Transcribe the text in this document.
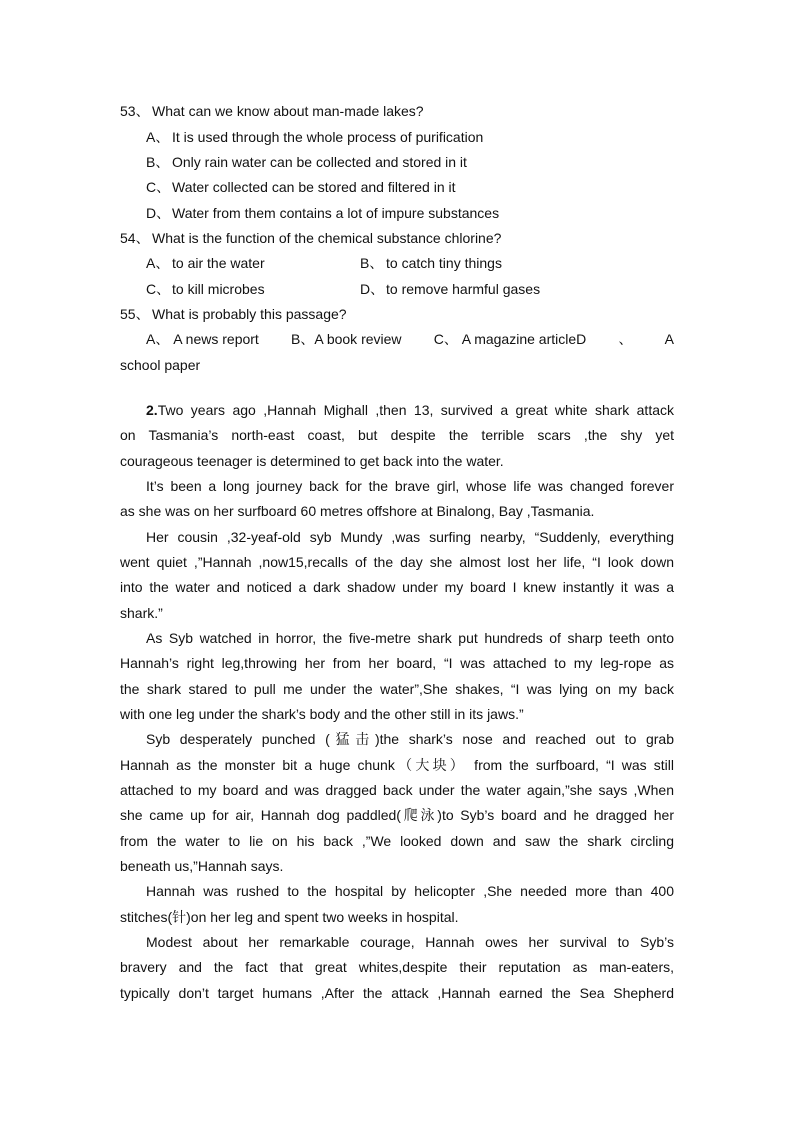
53、 What can we know about man-made lakes?
A、 It is used through the whole process of purification
B、 Only rain water can be collected and stored in it
C、 Water collected can be stored and filtered in it
D、 Water from them contains a lot of impure substances
54、 What is the function of the chemical substance chlorine?
A、 to air the water	B、 to catch tiny things
C、 to kill microbes	D、 to remove harmful gases
55、 What is probably this passage?
A、 A news report B、A book review C、 A magazine articleD 、 A
school paper
2.Two years ago ,Hannah Mighall ,then 13, survived a great white shark attack
on Tasmania’s north-east coast, but despite the terrible scars ,the shy yet
courageous teenager is determined to get back into the water.
It’s been a long journey back for the brave girl, whose life was changed forever
as she was on her surfboard 60 metres offshore at Binalong, Bay ,Tasmania.
Her cousin ,32-yeaf-old syb Mundy ,was surfing nearby, “Suddenly, everything
went quiet ,”Hannah ,now15,recalls of the day she almost lost her life, “I look down
into the water and noticed a dark shadow under my board I knew instantly it was a
shark.”
As Syb watched in horror, the five-metre shark put hundreds of sharp teeth onto
Hannah’s right leg,throwing her from her board, “I was attached to my leg-rope as
the shark stared to pull me under the water”,She shakes, “I was lying on my back
with one leg under the shark’s body and the other still in its jaws.”
Syb desperately punched (猛击)the shark’s nose and reached out to grab
Hannah as the monster bit a huge chunk（大块） from the surfboard, “I was still
attached to my board and was dragged back under the water again,”she says ,When
she came up for air, Hannah dog paddled(爬泳)to Syb’s board and he dragged her
from the water to lie on his back ,”We looked down and saw the shark circling
beneath us,”Hannah says.
Hannah was rushed to the hospital by helicopter ,She needed more than 400
stitches(针)on her leg and spent two weeks in hospital.
Modest about her remarkable courage, Hannah owes her survival to Syb’s
bravery and the fact that great whites,despite their reputation as man-eaters,
typically don’t target humans ,After the attack ,Hannah earned the Sea Shepherd
